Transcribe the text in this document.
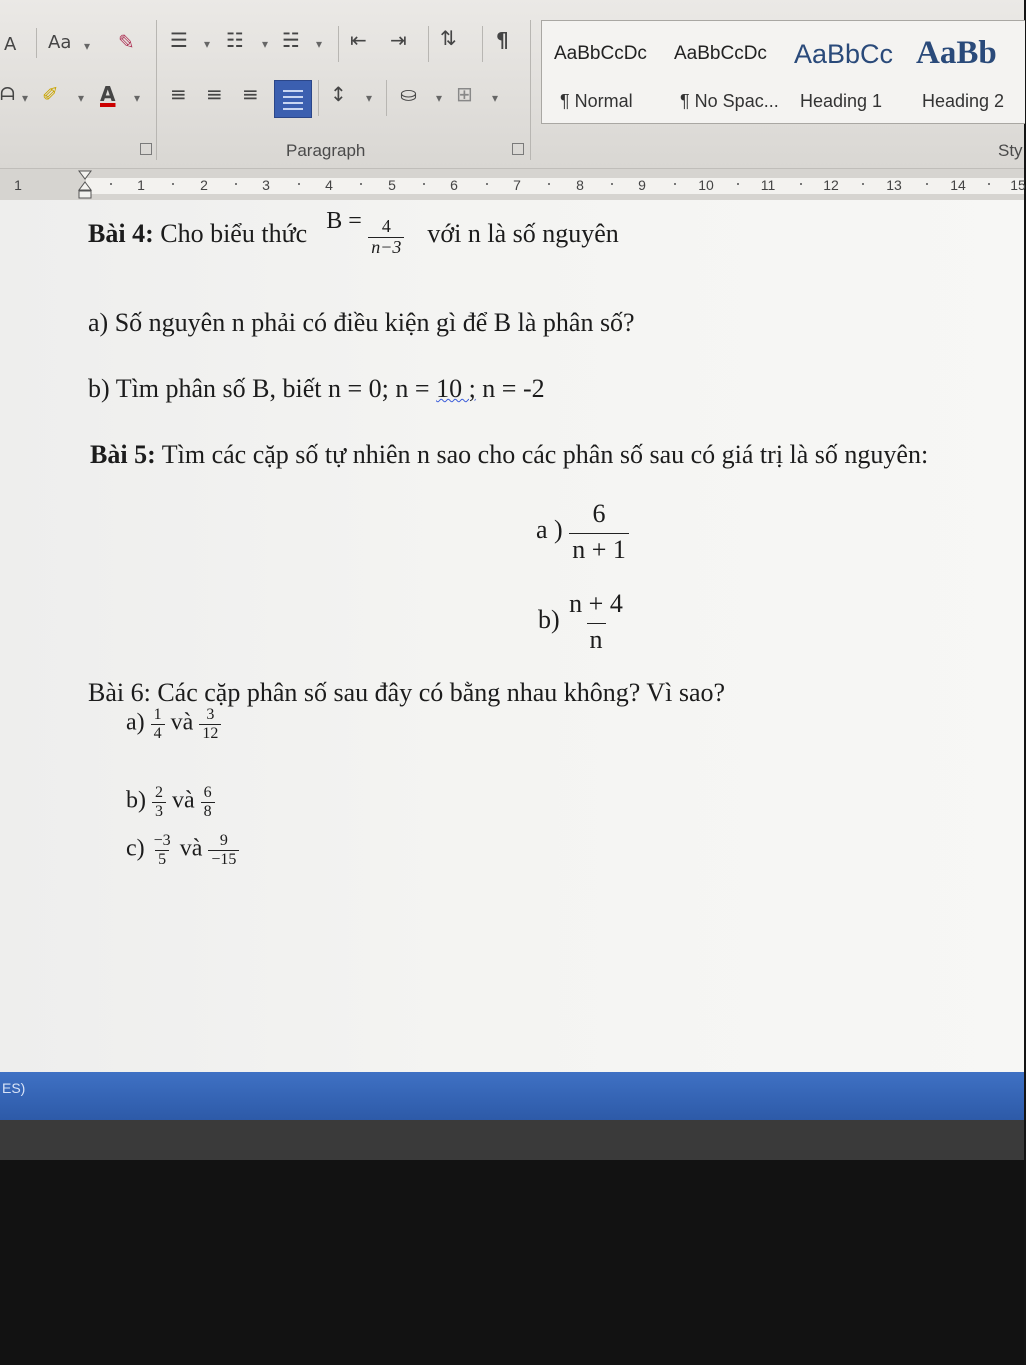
A Aa ▾ ✎
ᗩ ▾ ✐ ▾ A ▾
☰ ▾ ☷ ▾ ☵ ▾ ⇤ ⇥ ⇅ ¶
≡ ≡ ≡	↕ ▾ ⛀ ▾ ⊞ ▾
Paragraph
AaBbCcDc
¶ Normal
AaBbCcDc
¶ No Spac...
AaBbCc
Heading 1
AaBb
Heading 2
Sty
1	1	2	3	4	5	6	7	8	9	10	11	12	13	14	15
Bài 4: Cho biểu thức $B = \frac{4}{n-3}$ với n là số nguyên
a) Số nguyên n phải có điều kiện gì để B là phân số?
b) Tìm phân số B, biết n = 0; n = 10 ; n = -2
Bài 5: Tìm các cặp số tự nhiên n sao cho các phân số sau có giá trị là số nguyên:
a ) $\frac{6}{n + 1}$
$b) \frac{n + 4}{n}$
Bài 6: Các cặp phân số sau đây có bằng nhau không? Vì sao?
$a) \frac{1}{4}$ và $\frac{3}{12}$
$b) \frac{2}{3}$ và $\frac{6}{8}$
$c) \frac{-3}{5}$ và $\frac{9}{-15}$
ES)
